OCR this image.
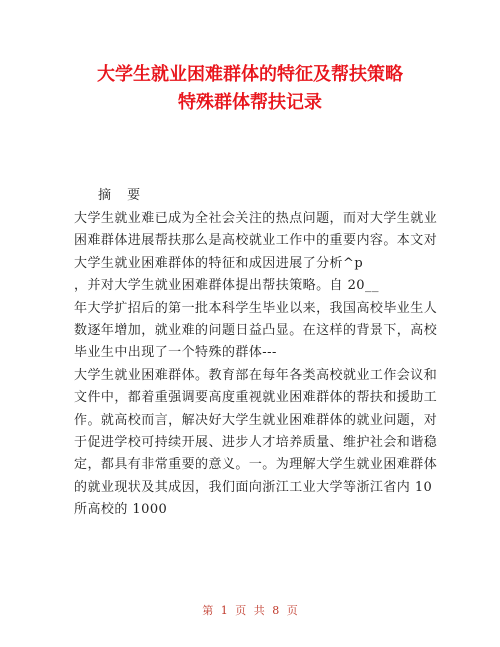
大学生就业困难群体的特征及帮扶策略
特殊群体帮扶记录
摘 要
大学生就业难已成为全社会关注的热点问题，而对大学生就业
困难群体进展帮扶那么是高校就业工作中的重要内容。本文对
大学生就业困难群体的特征和成因进展了分析^p
，并对大学生就业困难群体提出帮扶策略。自 20__
年大学扩招后的第一批本科学生毕业以来，我国高校毕业生人
数逐年增加，就业难的问题日益凸显。在这样的背景下，高校
毕业生中出现了一个特殊的群体---
大学生就业困难群体。教育部在每年各类高校就业工作会议和
文件中，都着重强调要高度重视就业困难群体的帮扶和援助工
作。就高校而言，解决好大学生就业困难群体的就业问题，对
于促进学校可持续开展、进步人才培养质量、维护社会和谐稳
定，都具有非常重要的意义。一。为理解大学生就业困难群体
的就业现状及其成因，我们面向浙江工业大学等浙江省内 10
所高校的 1000
第 1 页 共 8 页
